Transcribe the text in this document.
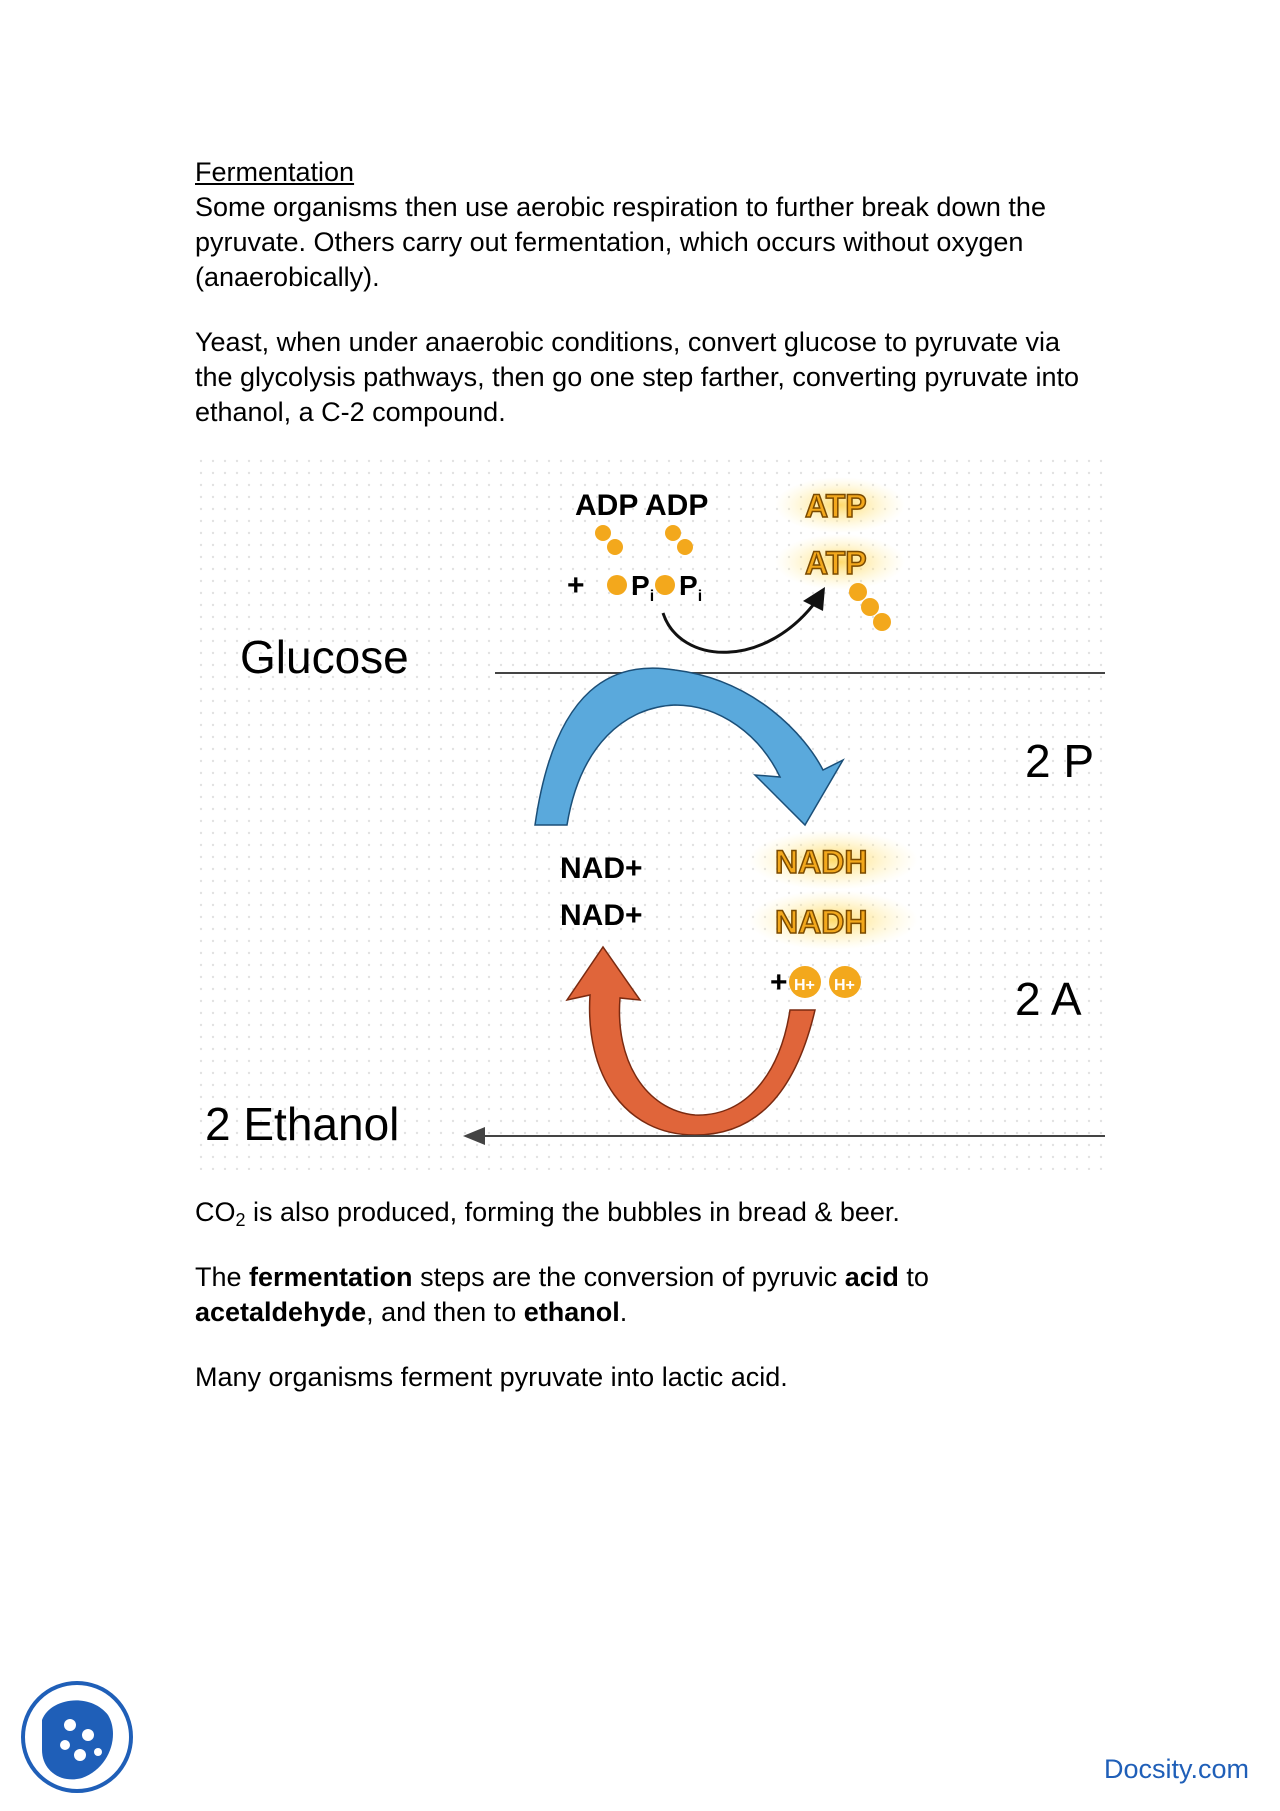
Fermentation

Some organisms then use aerobic respiration to further break down the pyruvate. Others carry out fermentation, which occurs without oxygen (anaerobically).

Yeast, when under anaerobic conditions, convert glucose to pyruvate via the glycolysis pathways, then go one step farther, converting pyruvate into ethanol, a C-2 compound.

ADP ADP
+ $P_i$ $P_i$
ATP
ATP
Glucose
2 P
NAD+
NAD+
NADH
NADH
+ H+ H+	2 A
2 Ethanol

$CO_2$ is also produced, forming the bubbles in bread & beer.

The fermentation steps are the conversion of pyruvic acid to
acetaldehyde, and then to ethanol.

Many organisms ferment pyruvate into lactic acid.

Docsity.com
